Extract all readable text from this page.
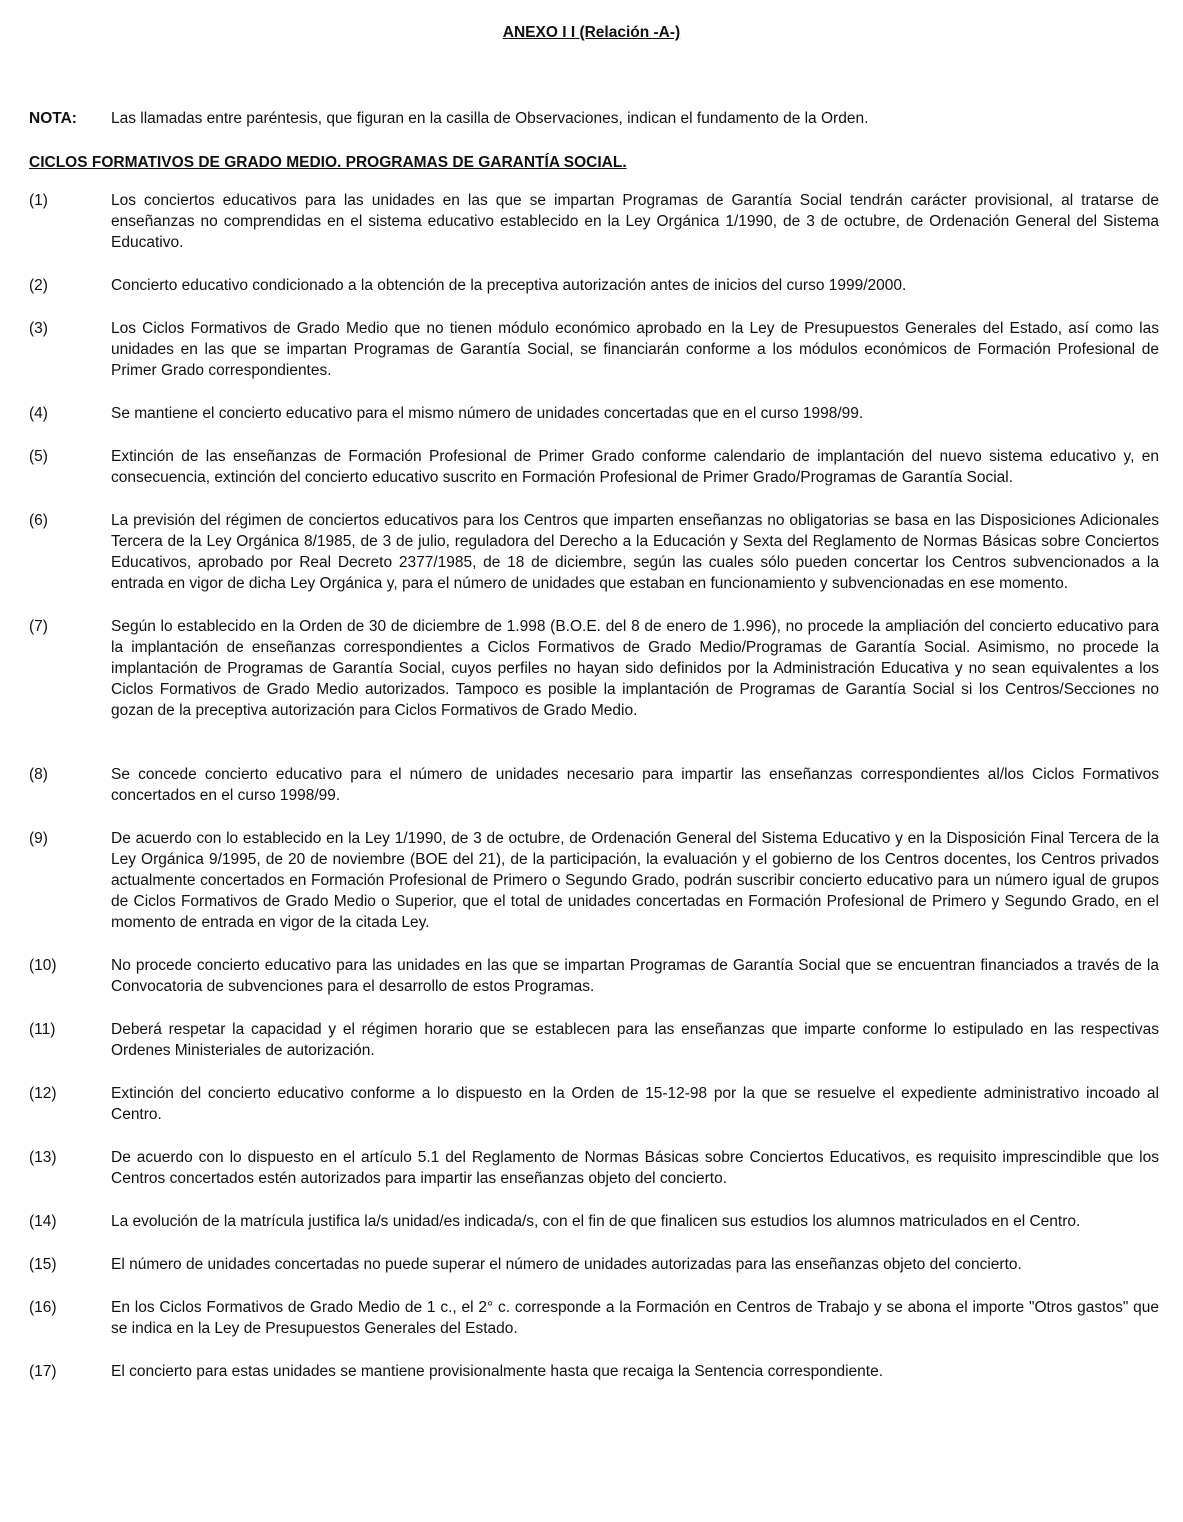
ANEXO I I (Relación -A-)
NOTA: Las llamadas entre paréntesis, que figuran en la casilla de Observaciones, indican el fundamento de la Orden.
CICLOS FORMATIVOS DE GRADO MEDIO. PROGRAMAS DE GARANTÍA SOCIAL.
(1)	Los conciertos educativos para las unidades en las que se impartan Programas de Garantía Social tendrán carácter provisional, al tratarse de enseñanzas no comprendidas en el sistema educativo establecido en la Ley Orgánica 1/1990, de 3 de octubre, de Ordenación General del Sistema Educativo.
(2)	Concierto educativo condicionado a la obtención de la preceptiva autorización antes de inicios del curso 1999/2000.
(3)	Los Ciclos Formativos de Grado Medio que no tienen módulo económico aprobado en la Ley de Presupuestos Generales del Estado, así como las unidades en las que se impartan Programas de Garantía Social, se financiarán conforme a los módulos económicos de Formación Profesional de Primer Grado correspondientes.
(4)	Se mantiene el concierto educativo para el mismo número de unidades concertadas que en el curso 1998/99.
(5)	Extinción de las enseñanzas de Formación Profesional de Primer Grado conforme calendario de implantación del nuevo sistema educativo y, en consecuencia, extinción del concierto educativo suscrito en Formación Profesional de Primer Grado/Programas de Garantía Social.
(6)	La previsión del régimen de conciertos educativos para los Centros que imparten enseñanzas no obligatorias se basa en las Disposiciones Adicionales Tercera de la Ley Orgánica 8/1985, de 3 de julio, reguladora del Derecho a la Educación y Sexta del Reglamento de Normas Básicas sobre Conciertos Educativos, aprobado por Real Decreto 2377/1985, de 18 de diciembre, según las cuales sólo pueden concertar los Centros subvencionados a la entrada en vigor de dicha Ley Orgánica y, para el número de unidades que estaban en funcionamiento y subvencionadas en ese momento.
(7)	Según lo establecido en la Orden de 30 de diciembre de 1.998 (B.O.E. del 8 de enero de 1.996), no procede la ampliación del concierto educativo para la implantación de enseñanzas correspondientes a Ciclos Formativos de Grado Medio/Programas de Garantía Social. Asimismo, no procede la implantación de Programas de Garantía Social, cuyos perfiles no hayan sido definidos por la Administración Educativa y no sean equivalentes a los Ciclos Formativos de Grado Medio autorizados. Tampoco es posible la implantación de Programas de Garantía Social si los Centros/Secciones no gozan de la preceptiva autorización para Ciclos Formativos de Grado Medio.
(8)	Se concede concierto educativo para el número de unidades necesario para impartir las enseñanzas correspondientes al/los Ciclos Formativos concertados en el curso 1998/99.
(9)	De acuerdo con lo establecido en la Ley 1/1990, de 3 de octubre, de Ordenación General del Sistema Educativo y en la Disposición Final Tercera de la Ley Orgánica 9/1995, de 20 de noviembre (BOE del 21), de la participación, la evaluación y el gobierno de los Centros docentes, los Centros privados actualmente concertados en Formación Profesional de Primero o Segundo Grado, podrán suscribir concierto educativo para un número igual de grupos de Ciclos Formativos de Grado Medio o Superior, que el total de unidades concertadas en Formación Profesional de Primero y Segundo Grado, en el momento de entrada en vigor de la citada Ley.
(10)	No procede concierto educativo para las unidades en las que se impartan Programas de Garantía Social que se encuentran financiados a través de la Convocatoria de subvenciones para el desarrollo de estos Programas.
(11)	Deberá respetar la capacidad y el régimen horario que se establecen para las enseñanzas que imparte conforme lo estipulado en las respectivas Ordenes Ministeriales de autorización.
(12)	Extinción del concierto educativo conforme a lo dispuesto en la Orden de 15-12-98 por la que se resuelve el expediente administrativo incoado al Centro.
(13)	De acuerdo con lo dispuesto en el artículo 5.1 del Reglamento de Normas Básicas sobre Conciertos Educativos, es requisito imprescindible que los Centros concertados estén autorizados para impartir las enseñanzas objeto del concierto.
(14)	La evolución de la matrícula justifica la/s unidad/es indicada/s, con el fin de que finalicen sus estudios los alumnos matriculados en el Centro.
(15)	El número de unidades concertadas no puede superar el número de unidades autorizadas para las enseñanzas objeto del concierto.
(16)	En los Ciclos Formativos de Grado Medio de 1 c., el 2° c. corresponde a la Formación en Centros de Trabajo y se abona el importe "Otros gastos" que se indica en la Ley de Presupuestos Generales del Estado.
(17)	El concierto para estas unidades se mantiene provisionalmente hasta que recaiga la Sentencia correspondiente.
